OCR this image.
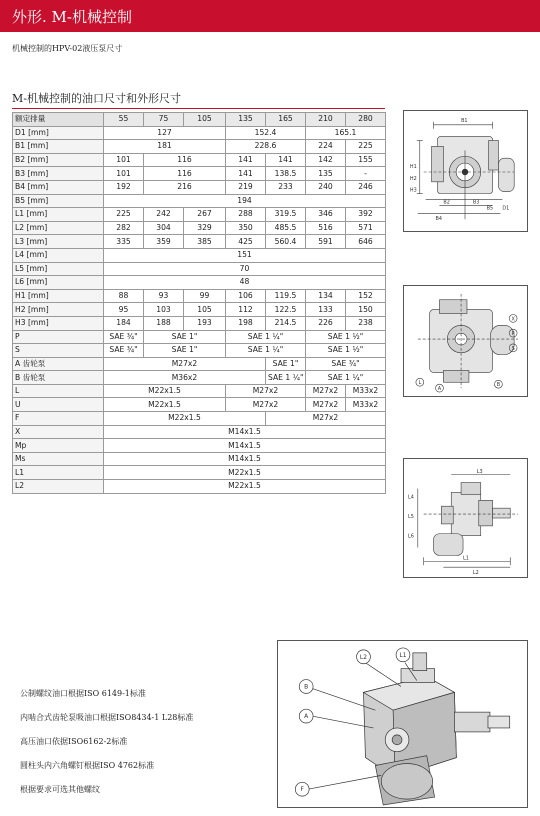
外形. M-机械控制
机械控制的HPV-02液压泵尺寸
M-机械控制的油口尺寸和外形尺寸
额定排量	55	75	105	135	165	210	280
D1 [mm]	127			152.4		165.1	
B1 [mm]	181			228.6		224	225
B2 [mm]	101	116		141	141	142	155
B3 [mm]	101	116		141	138.5	135	-
B4 [mm]	192	216		219	233	240	246
B5 [mm]	194						
L1 [mm]	225	242	267	288	319.5	346	392
L2 [mm]	282	304	329	350	485.5	516	571
L3 [mm]	335	359	385	425	560.4	591	646
L4 [mm]	151						
L5 [mm]	70						
L6 [mm]	48						
H1 [mm]	88	93	99	106	119.5	134	152
H2 [mm]	95	103	105	112	122.5	133	150
H3 [mm]	184	188	193	198	214.5	226	238
P	SAE ¾"	SAE 1"		SAE 1 ¼"		SAE 1 ½"	
S	SAE ¾"	SAE 1"		SAE 1 ¼"		SAE 1 ½"	
A 齿轮泵	M27x2				SAE 1"	SAE ¾"	
B 齿轮泵	M36x2				SAE 1 ¼"	SAE 1 ¼"	
L	M22x1.5			M27x2		M27x2	M33x2
U	M22x1.5			M27x2		M27x2	M33x2
F	M22x1.5				M27x2		
X	M14x1.5						
Mp	M14x1.5						
Ms	M14x1.5						
L1	M22x1.5						
L2	M22x1.5						
B1
B2	B3
B4
B5
H1
H2
H3
D1
X
P
S
L
A
B
L1
L2
L3
L4
L5
L6
L2	L1
B
A
F
公制螺纹油口根据ISO 6149-1标准
内啮合式齿轮泵吸油口根据ISO8434-1 L28标准
高压油口依据ISO6162-2标准
圆柱头内六角螺钉根据ISO 4762标准
根据要求可选其他螺纹
